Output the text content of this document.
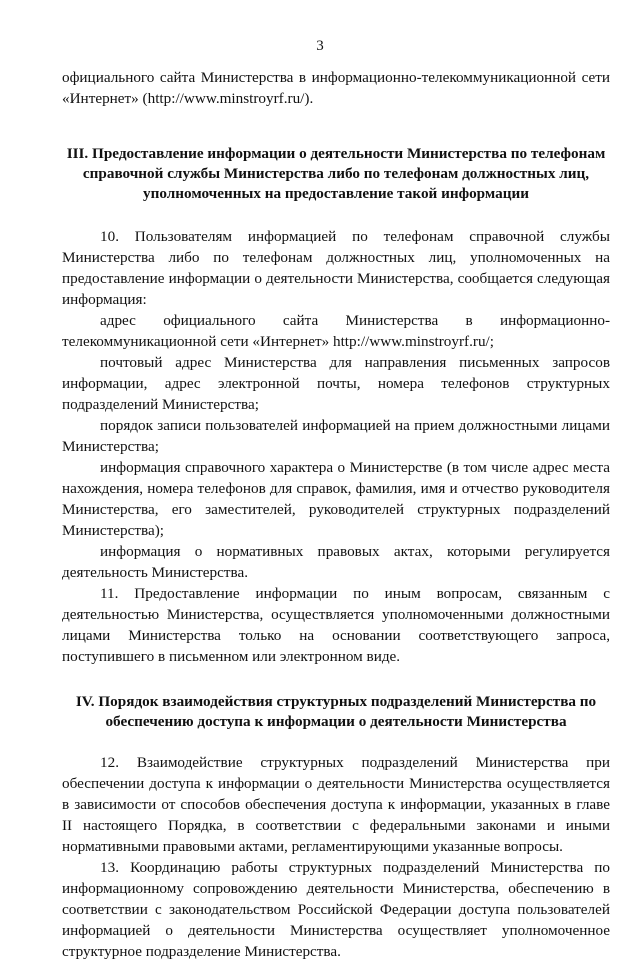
3

официального сайта Министерства в информационно-телекоммуникационной сети «Интернет» (http://www.minstroyrf.ru/).

III. Предоставление информации о деятельности Министерства по телефонам справочной службы Министерства либо по телефонам должностных лиц, уполномоченных на предоставление такой информации

10. Пользователям информацией по телефонам справочной службы Министерства либо по телефонам должностных лиц, уполномоченных на предоставление информации о деятельности Министерства, сообщается следующая информация:

адрес официального сайта Министерства в информационно-телекоммуникационной сети «Интернет» http://www.minstroyrf.ru/;

почтовый адрес Министерства для направления письменных запросов информации, адрес электронной почты, номера телефонов структурных подразделений Министерства;

порядок записи пользователей информацией на прием должностными лицами Министерства;

информация справочного характера о Министерстве (в том числе адрес места нахождения, номера телефонов для справок, фамилия, имя и отчество руководителя Министерства, его заместителей, руководителей структурных подразделений Министерства);

информация о нормативных правовых актах, которыми регулируется деятельность Министерства.

11. Предоставление информации по иным вопросам, связанным с деятельностью Министерства, осуществляется уполномоченными должностными лицами Министерства только на основании соответствующего запроса, поступившего в письменном или электронном виде.

IV. Порядок взаимодействия структурных подразделений Министерства по обеспечению доступа к информации о деятельности Министерства

12. Взаимодействие структурных подразделений Министерства при обеспечении доступа к информации о деятельности Министерства осуществляется в зависимости от способов обеспечения доступа к информации, указанных в главе II настоящего Порядка, в соответствии с федеральными законами и иными нормативными правовыми актами, регламентирующими указанные вопросы.

13. Координацию работы структурных подразделений Министерства по информационному сопровождению деятельности Министерства, обеспечению в соответствии с законодательством Российской Федерации доступа пользователей информацией о деятельности Министерства осуществляет уполномоченное структурное подразделение Министерства.
